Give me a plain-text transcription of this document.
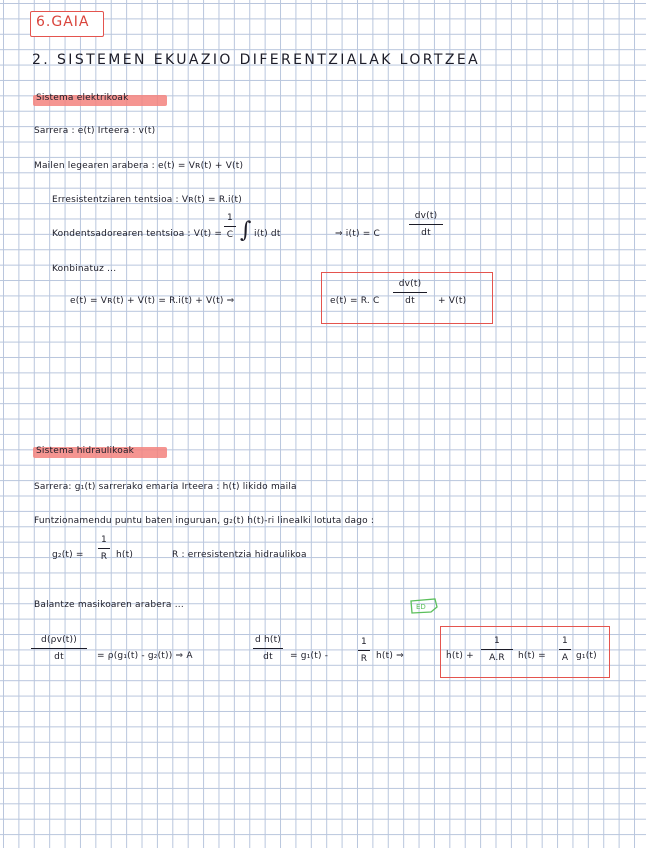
6.GAIA
2. SISTEMEN EKUAZIO DIFERENTZIALAK LORTZEA
Sistema elektrikoak
Sarrera : e(t) Irteera : v(t)
Mailen legearen arabera : e(t) = Vʀ(t) + V(t)
Erresistentziaren tentsioa : Vʀ(t) = R.i(t)
Kondentsadorearen tentsioa : V(t) =
1
C ∫ i(t) dt	⇒ i(t) = C
dv(t)
dt
Konbinatuz ...
e(t) = Vʀ(t) + V(t) = R.i(t) + V(t) ⇒	e(t) = R. C
dv(t)
dt	+ V(t)
Sistema hidraulikoak
Sarrera: g₁(t) sarrerako emaria Irteera : h(t) likido maila
Funtzionamendu puntu baten inguruan, g₂(t) h(t)-ri linealki lotuta dago :
g₂(t) =
1
R h(t)	R : erresistentzia hidraulikoa
Balantze masikoaren arabera ...	ED
d(ρv(t))
dt	= ρ(g₁(t) - g₂(t)) ⇒ A
d h(t)
dt	= g₁(t) -
1
R h(t) ⇒	ḣ(t) +
1
A.R	h(t) =
1
A g₁(t)
